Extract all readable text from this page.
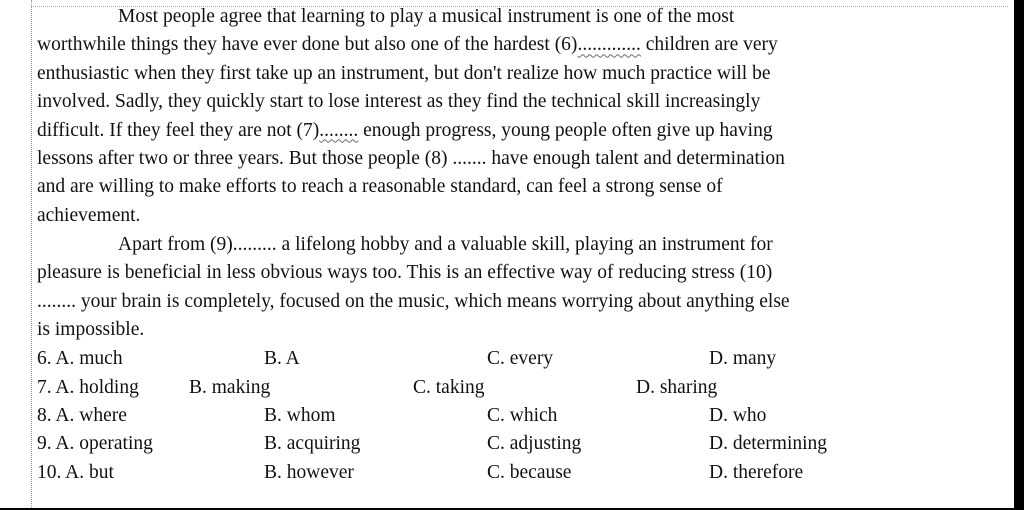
Most people agree that learning to play a musical instrument is one of the most
worthwhile things they have ever done but also one of the hardest (6)............. children are very
enthusiastic when they first take up an instrument, but don't realize how much practice will be
involved. Sadly, they quickly start to lose interest as they find the technical skill increasingly
difficult. If they feel they are not (7)........ enough progress, young people often give up having
lessons after two or three years. But those people (8) ....... have enough talent and determination
and are willing to make efforts to reach a reasonable standard, can feel a strong sense of
achievement.
Apart from (9)......... a lifelong hobby and a valuable skill, playing an instrument for
pleasure is beneficial in less obvious ways too. This is an effective way of reducing stress (10)
........ your brain is completely, focused on the music, which means worrying about anything else
is impossible.
6. A. much	B. A	C. every	D. many
7. A. holding	B. making	C. taking	D. sharing
8. A. where	B. whom	C. which	D. who
9. A. operating	B. acquiring	C. adjusting	D. determining
10. A. but	B. however	C. because	D. therefore
